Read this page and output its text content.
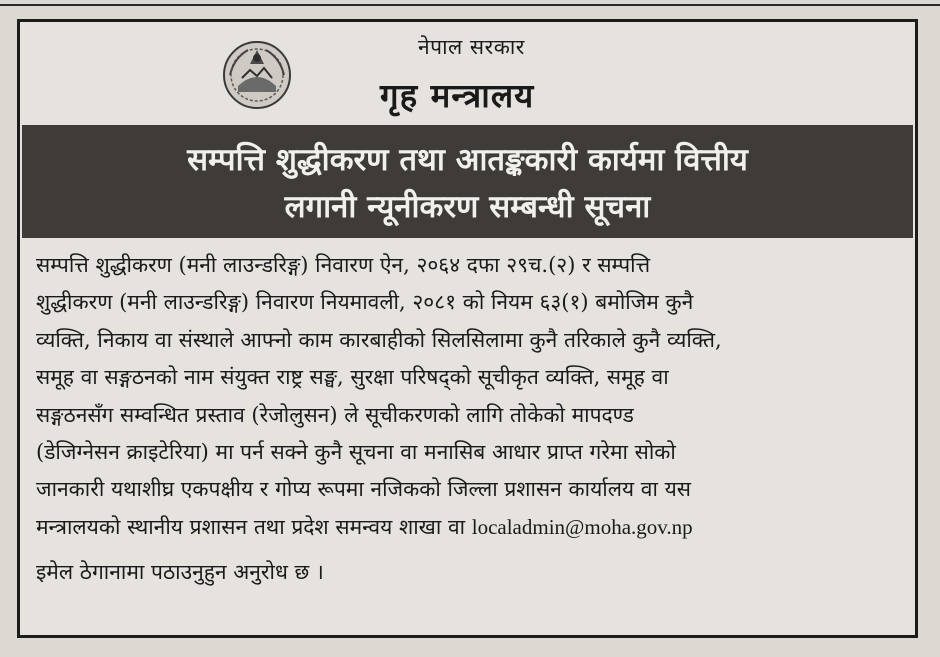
नेपाल सरकार
गृह मन्त्रालय
सम्पत्ति शुद्धीकरण तथा आतङ्ककारी कार्यमा वित्तीय
लगानी न्यूनीकरण सम्बन्धी सूचना
सम्पत्ति शुद्धीकरण (मनी लाउन्डरिङ्ग) निवारण ऐन, २०६४ दफा २९च.(२) र सम्पत्ति
शुद्धीकरण (मनी लाउन्डरिङ्ग) निवारण नियमावली, २०८१ को नियम ६३(१) बमोजिम कुनै
व्यक्ति, निकाय वा संस्थाले आफ्नो काम कारबाहीको सिलसिलामा कुनै तरिकाले कुनै व्यक्ति,
समूह वा सङ्गठनको नाम संयुक्त राष्ट्र सङ्घ, सुरक्षा परिषद्को सूचीकृत व्यक्ति, समूह वा
सङ्गठनसँग सम्वन्धित प्रस्ताव (रेजोलुसन) ले सूचीकरणको लागि तोकेको मापदण्ड
(डेजिग्नेसन क्राइटेरिया) मा पर्न सक्ने कुनै सूचना वा मनासिब आधार प्राप्त गरेमा सोको
जानकारी यथाशीघ्र एकपक्षीय र गोप्य रूपमा नजिकको जिल्ला प्रशासन कार्यालय वा यस
मन्त्रालयको स्थानीय प्रशासन तथा प्रदेश समन्वय शाखा वा localadmin@moha.gov.np
इमेल ठेगानामा पठाउनुहुन अनुरोध छ ।
